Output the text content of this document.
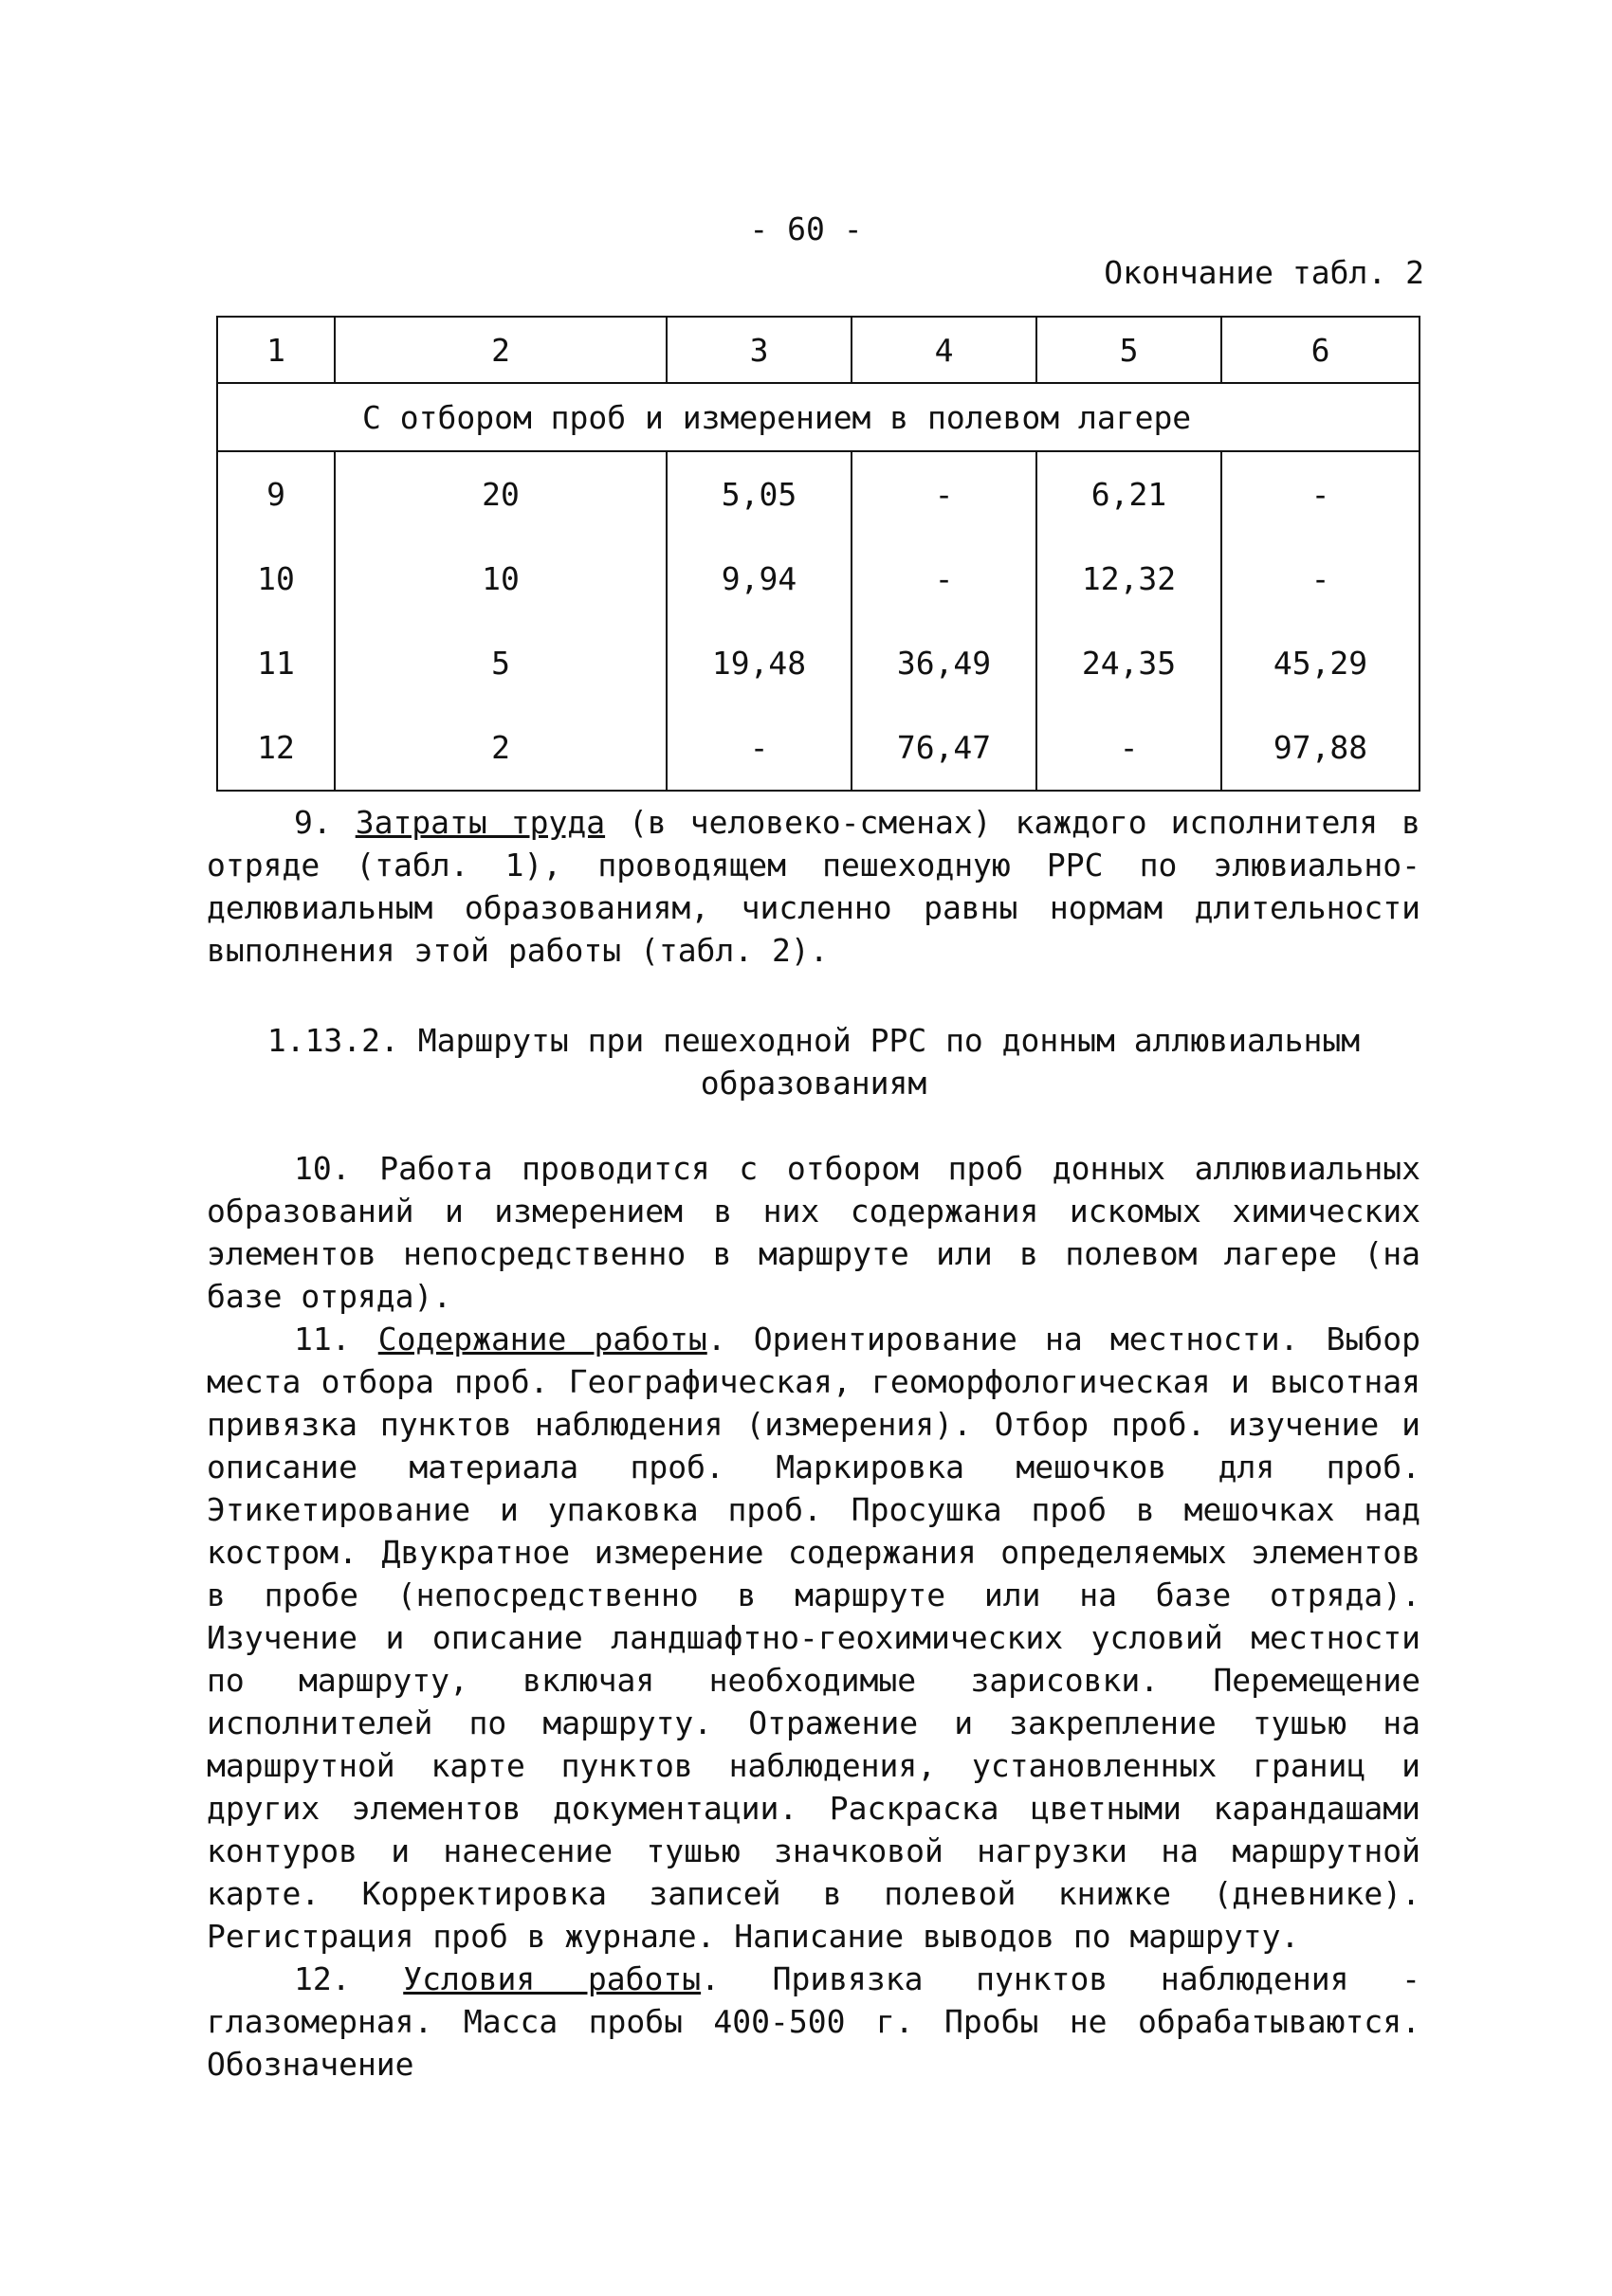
- 60 -
Окончание табл. 2
1	2	3	4	5	6
С отбором проб и измерением в полевом лагере					
9	20	5,05	-	6,21	-
10	10	9,94	-	12,32	-
11	5	19,48	36,49	24,35	45,29
12	2	-	76,47	-	97,88

9. Затраты труда (в человеко-сменах) каждого исполнителя в отряде (табл. 1), проводящем пешеходную РРС по элювиально-делювиальным образованиям, численно равны нормам длительности выполнения этой работы (табл. 2).

1.13.2. Маршруты при пешеходной РРС по донным аллювиальным
образованиям

10. Работа проводится с отбором проб донных аллювиальных образований и измерением в них содержания искомых химических элементов непосредственно в маршруте или в полевом лагере (на базе отряда).

11. Содержание работы. Ориентирование на местности. Выбор места отбора проб. Географическая, геоморфологическая и высотная привязка пунктов наблюдения (измерения). Отбор проб. изучение и описание материала проб. Маркировка мешочков для проб. Этикетирование и упаковка проб. Просушка проб в мешочках над костром. Двукратное измерение содержания определяемых элементов в пробе (непосредственно в маршруте или на базе отряда). Изучение и описание ландшафтно-геохимических условий местности по маршруту, включая необходимые зарисовки. Перемещение исполнителей по маршруту. Отражение и закрепление тушью на маршрутной карте пунктов наблюдения, установленных границ и других элементов документации. Раскраска цветными карандашами контуров и нанесение тушью значковой нагрузки на маршрутной карте. Корректировка записей в полевой книжке (дневнике). Регистрация проб в журнале. Написание выводов по маршруту.

12. Условия работы. Привязка пунктов наблюдения - глазомерная. Масса пробы 400-500 г. Пробы не обрабатываются. Обозначение
